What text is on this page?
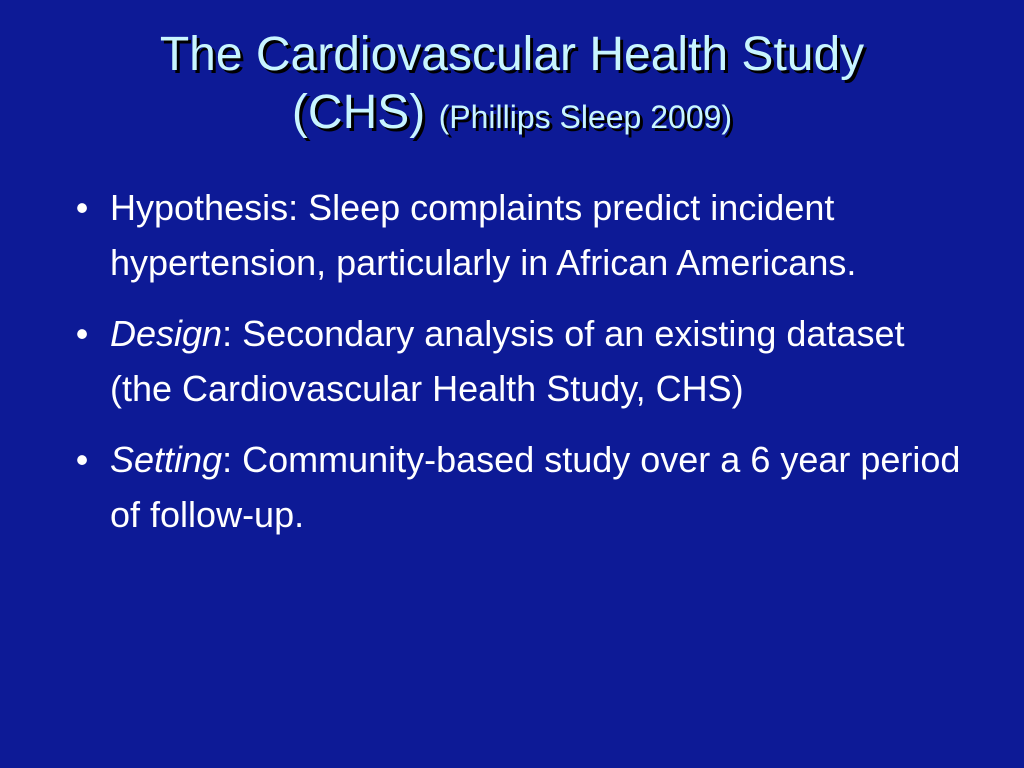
The Cardiovascular Health Study
(CHS) (Phillips Sleep 2009)
• Hypothesis: Sleep complaints predict incident hypertension, particularly in African Americans.
• Design: Secondary analysis of an existing dataset (the Cardiovascular Health Study, CHS)
• Setting: Community-based study over a 6 year period of follow-up.
